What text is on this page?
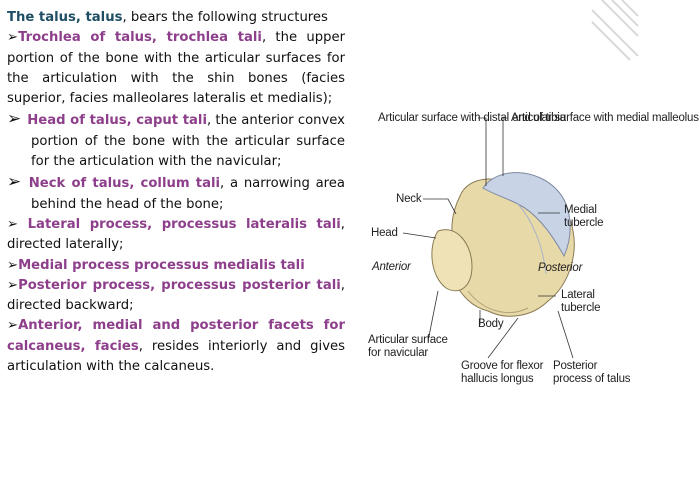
The talus, talus, bears the following structures

➢Trochlea of talus, trochlea tali, the upper portion of the bone with the articular surfaces for the articulation with the shin bones (facies superior, facies malleolares lateralis et medialis);

➢ Head of talus, caput tali, the anterior convex portion of the bone with the articular surface for the articulation with the navicular;

➢ Neck of talus, collum tali, a narrowing area behind the head of the bone;

➢ Lateral process, processus lateralis tali, directed laterally;

➢Medial process processus medialis tali

➢Posterior process, processus posterior tali, directed backward;

➢Anterior, medial and posterior facets for calcaneus, facies, resides interiorly and gives articulation with the calcaneus.

Articular surface with distal end of tibia
Articular surface with medial malleolus
Neck
Head
Anterior
Medial tubercle
Posterior
Lateral tubercle
Body
Articular surface for navicular
Groove for flexor hallucis longus
Posterior process of talus
